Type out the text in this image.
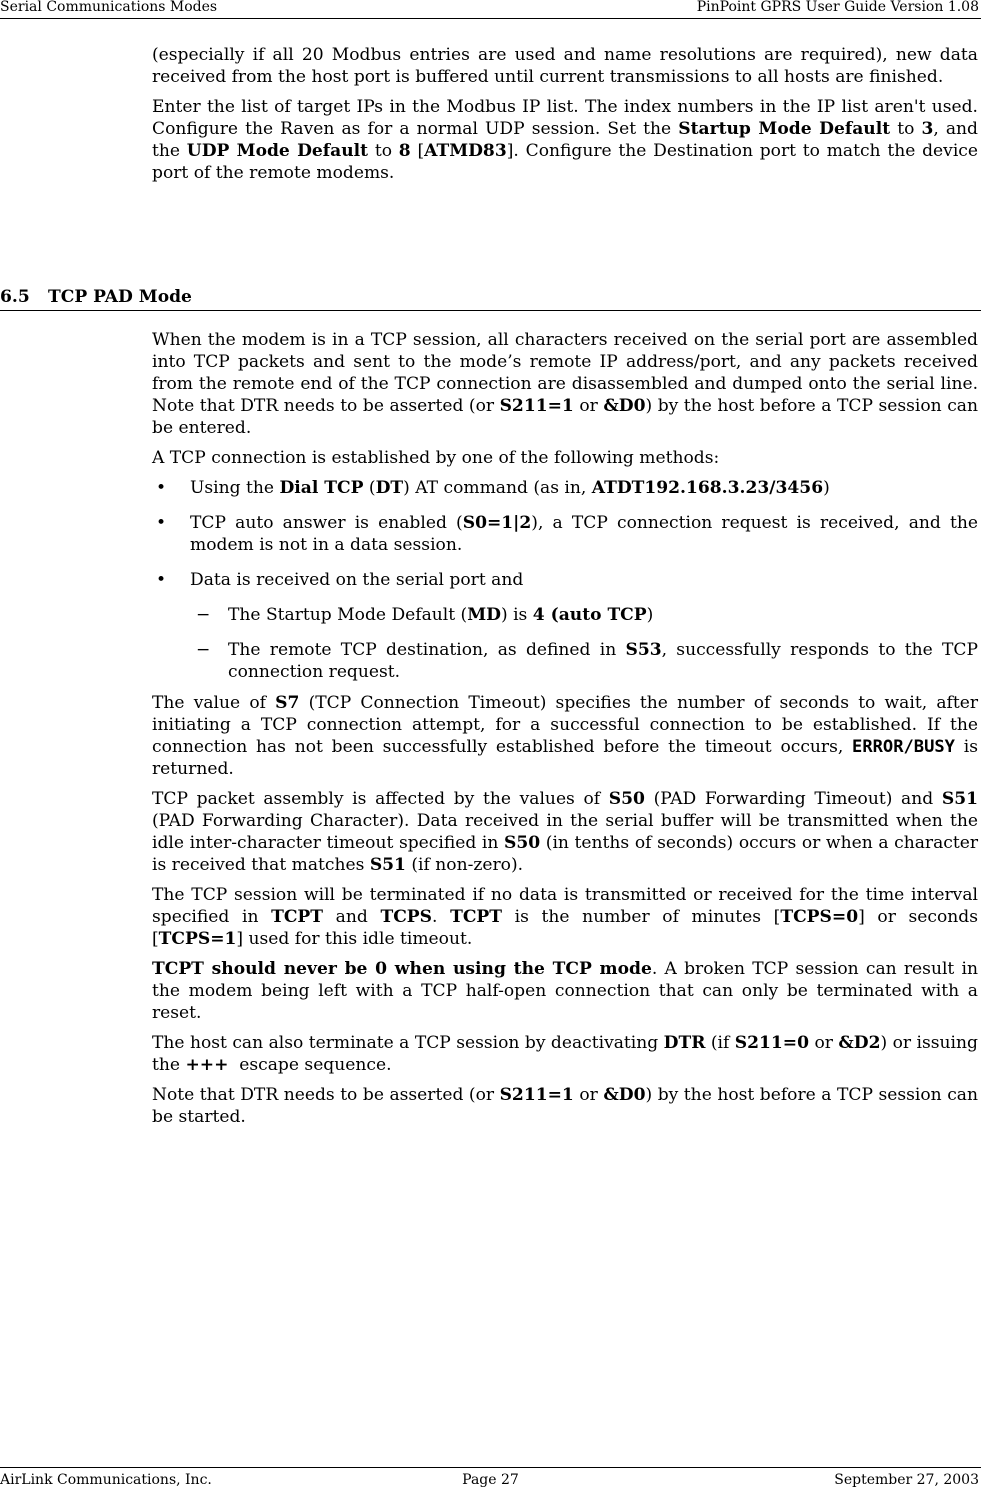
Serial Communications Modes	PinPoint GPRS User Guide Version 1.08

(especially if all 20 Modbus entries are used and name resolutions are required), new data received from the host port is buffered until current transmissions to all hosts are finished.

Enter the list of target IPs in the Modbus IP list. The index numbers in the IP list aren't used. Configure the Raven as for a normal UDP session. Set the Startup Mode Default to 3, and the UDP Mode Default to 8 [ATMD83]. Configure the Destination port to match the device port of the remote modems.

6.5 TCP PAD Mode

When the modem is in a TCP session, all characters received on the serial port are assembled into TCP packets and sent to the mode’s remote IP address/port, and any packets received from the remote end of the TCP connection are disassembled and dumped onto the serial line. Note that DTR needs to be asserted (or S211=1 or &D0) by the host before a TCP session can be entered.

A TCP connection is established by one of the following methods:

• Using the Dial TCP (DT) AT command (as in, ATDT192.168.3.23/3456)
• TCP auto answer is enabled (S0=1|2), a TCP connection request is received, and the modem is not in a data session.
• Data is received on the serial port and
− The Startup Mode Default (MD) is 4 (auto TCP)
− The remote TCP destination, as defined in S53, successfully responds to the TCP connection request.

The value of S7 (TCP Connection Timeout) specifies the number of seconds to wait, after initiating a TCP connection attempt, for a successful connection to be established. If the connection has not been successfully established before the timeout occurs, ERROR/BUSY is returned.

TCP packet assembly is affected by the values of S50 (PAD Forwarding Timeout) and S51 (PAD Forwarding Character). Data received in the serial buffer will be transmitted when the idle inter-character timeout specified in S50 (in tenths of seconds) occurs or when a character is received that matches S51 (if non-zero).

The TCP session will be terminated if no data is transmitted or received for the time interval specified in TCPT and TCPS. TCPT is the number of minutes [TCPS=0] or seconds [TCPS=1] used for this idle timeout.

TCPT should never be 0 when using the TCP mode. A broken TCP session can result in the modem being left with a TCP half-open connection that can only be terminated with a reset.

The host can also terminate a TCP session by deactivating DTR (if S211=0 or &D2) or issuing the +++  escape sequence.

Note that DTR needs to be asserted (or S211=1 or &D0) by the host before a TCP session can be started.

AirLink Communications, Inc.	Page 27	September 27, 2003
